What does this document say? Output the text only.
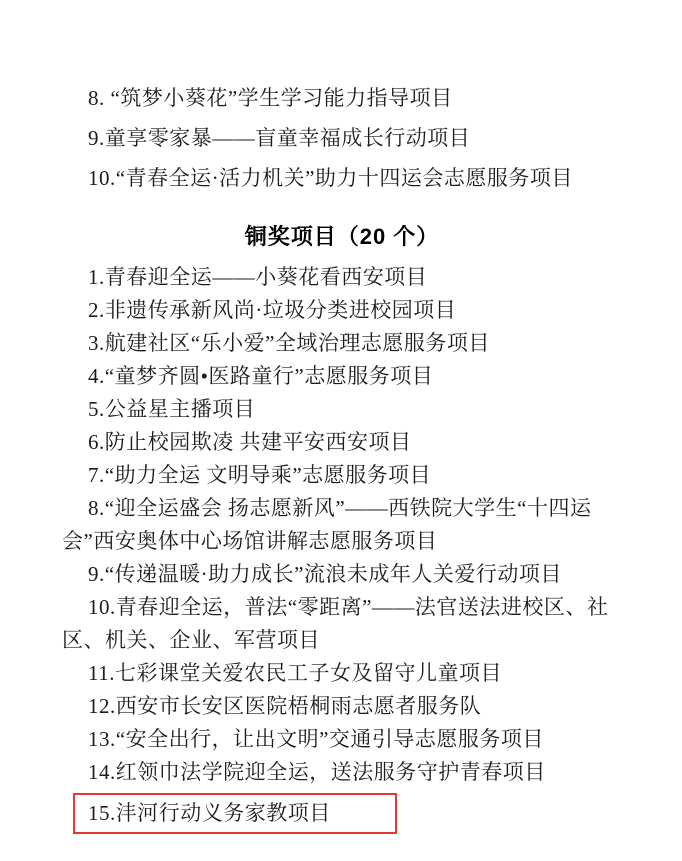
8. “筑梦小葵花”学生学习能力指导项目

9.童享零家暴——盲童幸福成长行动项目

10.“青春全运·活力机关”助力十四运会志愿服务项目

铜奖项目（20 个）

1.青春迎全运——小葵花看西安项目

2.非遗传承新风尚·垃圾分类进校园项目

3.航建社区“乐小爱”全域治理志愿服务项目

4.“童梦齐圆•医路童行”志愿服务项目

5.公益星主播项目

6.防止校园欺凌 共建平安西安项目

7.“助力全运 文明导乘”志愿服务项目

8.“迎全运盛会 扬志愿新风”——西铁院大学生“十四运会”西安奥体中心场馆讲解志愿服务项目

9.“传递温暖·助力成长”流浪未成年人关爱行动项目

10.青春迎全运，普法“零距离”——法官送法进校区、社区、机关、企业、军营项目

11.七彩课堂关爱农民工子女及留守儿童项目

12.西安市长安区医院梧桐雨志愿者服务队

13.“安全出行，让出文明”交通引导志愿服务项目

14.红领巾法学院迎全运，送法服务守护青春项目

15.沣河行动义务家教项目
